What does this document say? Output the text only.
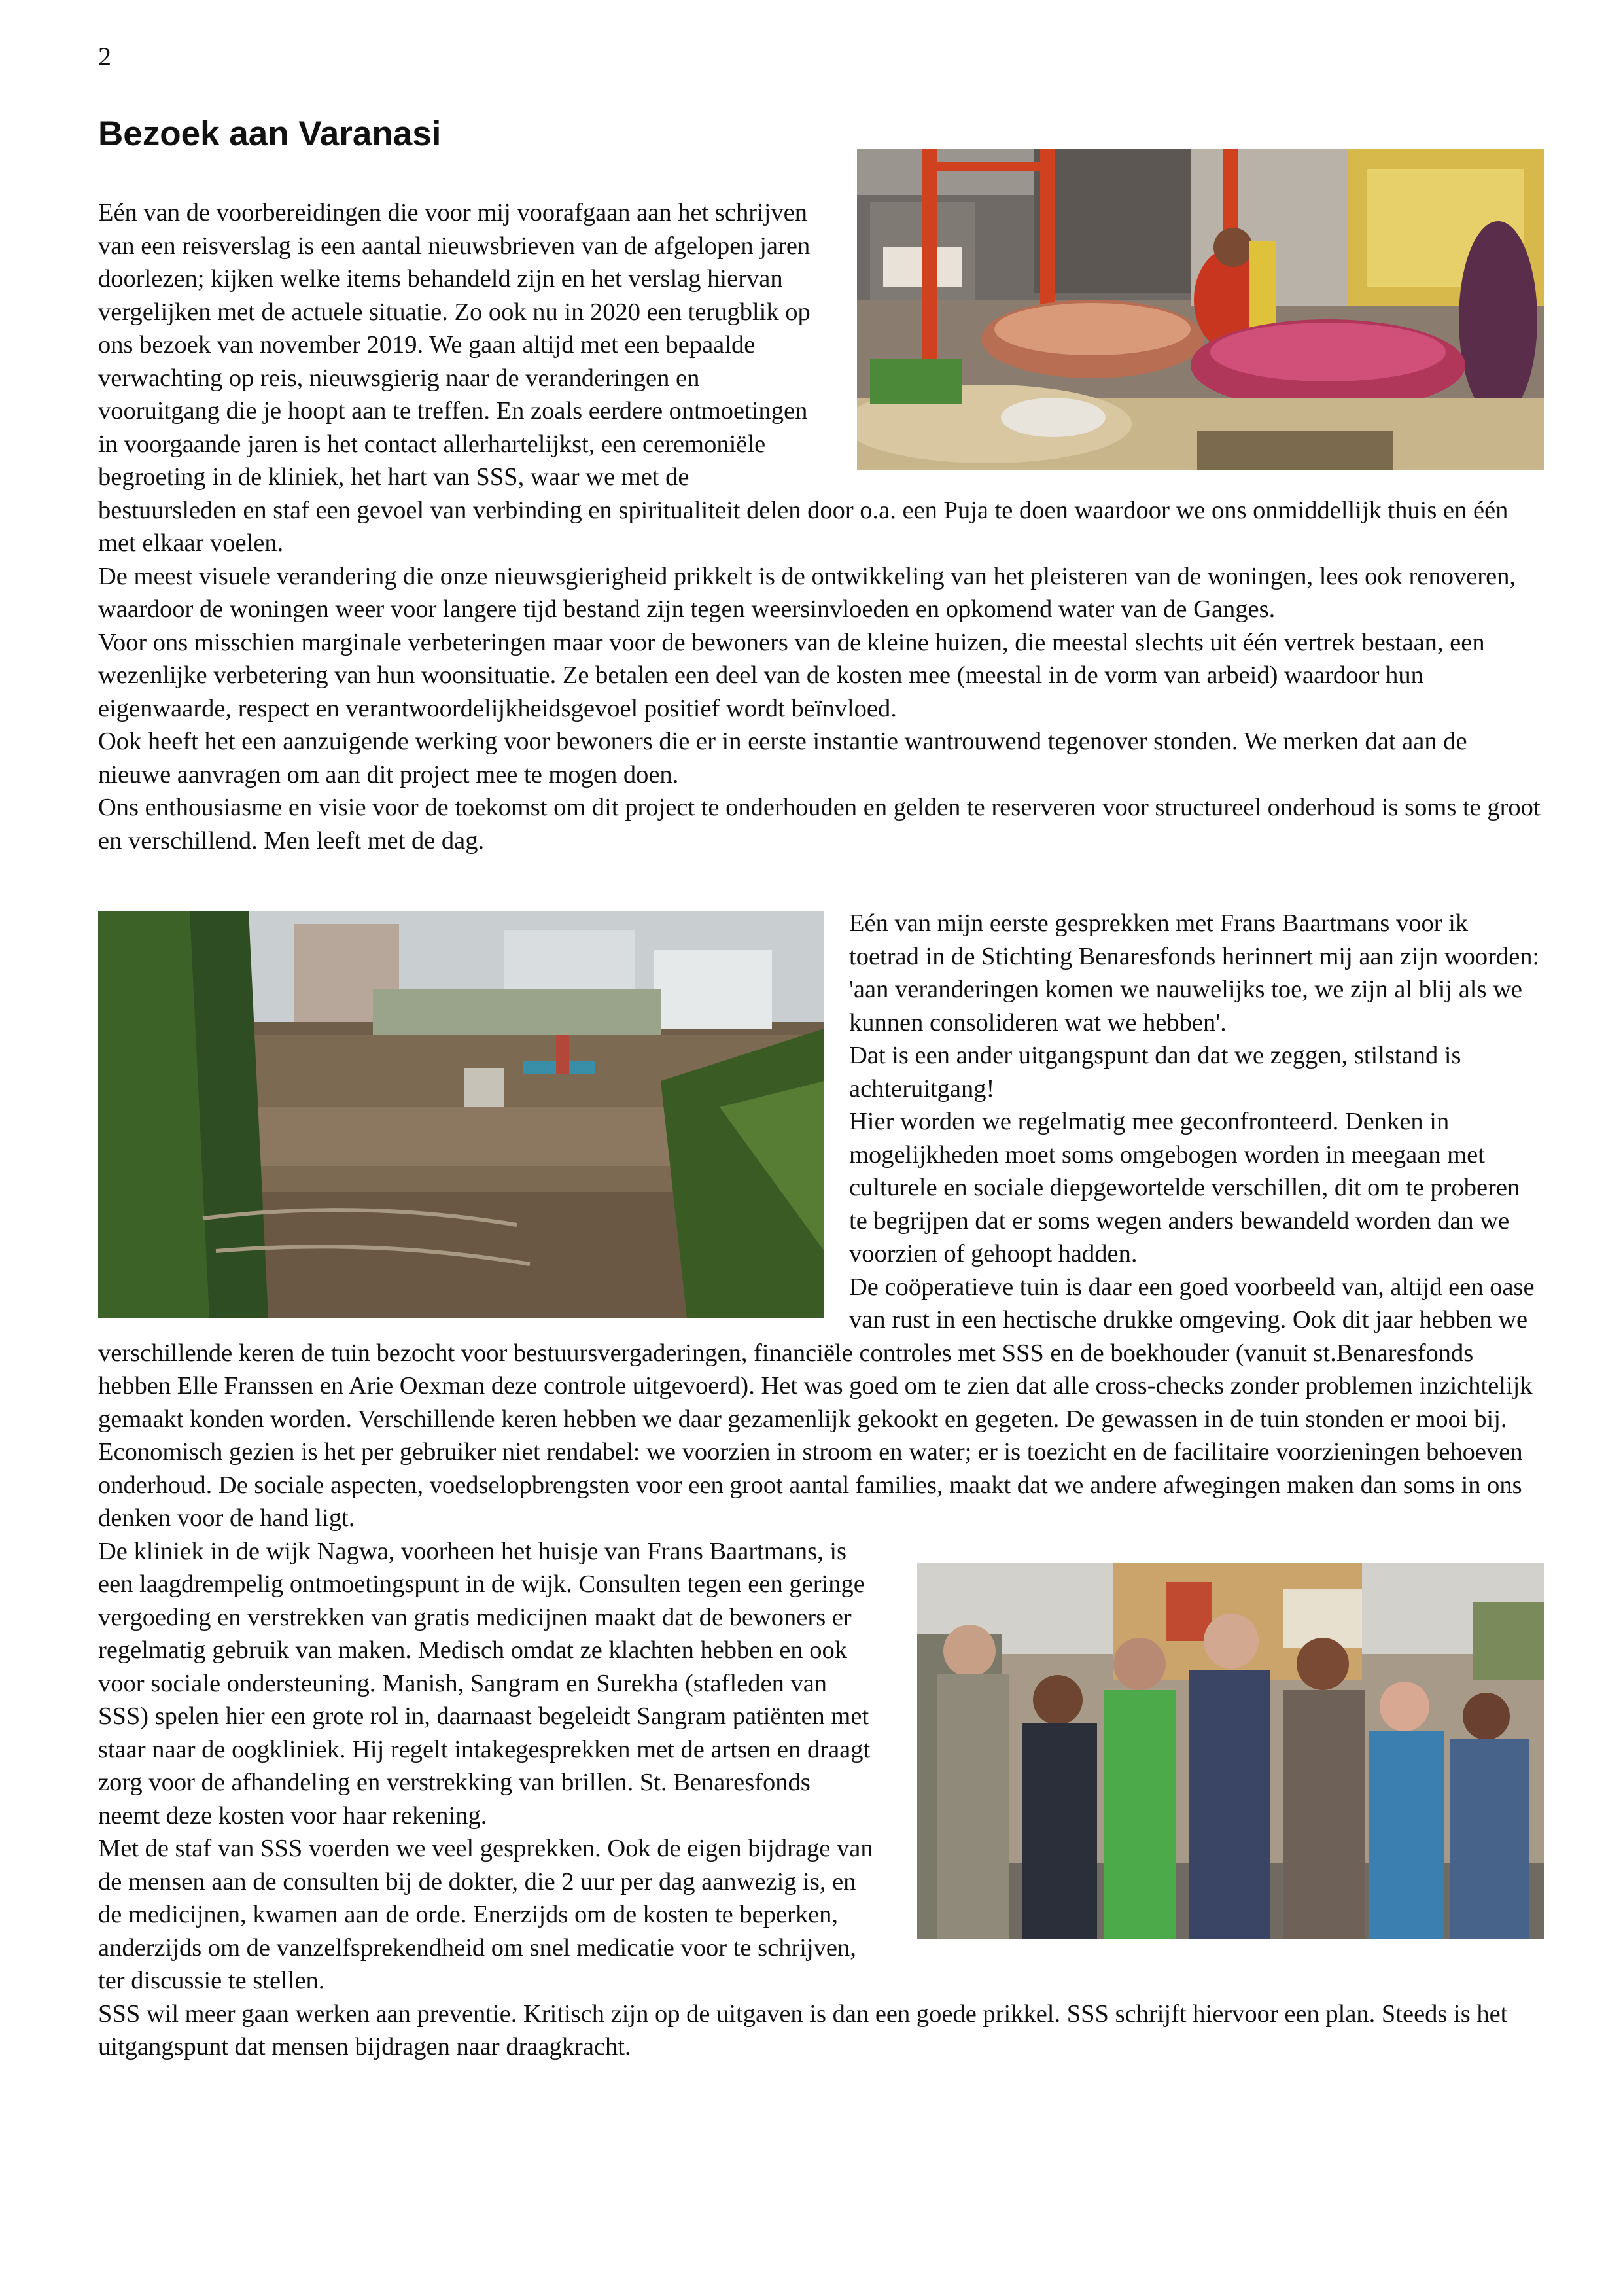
2
Bezoek aan Varanasi

Eén van de voorbereidingen die voor mij voorafgaan aan het schrijven van een reisverslag is een aantal nieuwsbrieven van de afgelopen jaren doorlezen; kijken welke items behandeld zijn en het verslag hiervan vergelijken met de actuele situatie. Zo ook nu in 2020 een terugblik op ons bezoek van november 2019. We gaan altijd met een bepaalde verwachting op reis, nieuwsgierig naar de veranderingen en vooruitgang die je hoopt aan te treffen. En zoals eerdere ontmoetingen in voorgaande jaren is het contact allerhartelijkst, een ceremoniële begroeting in de kliniek, het hart van SSS, waar we met de bestuursleden en staf een gevoel van verbinding en spiritualiteit delen door o.a. een Puja te doen waardoor we ons onmiddellijk thuis en één met elkaar voelen.

De meest visuele verandering die onze nieuwsgierigheid prikkelt is de ontwikkeling van het pleisteren van de woningen, lees ook renoveren, waardoor de woningen weer voor langere tijd bestand zijn tegen weersinvloeden en opkomend water van de Ganges.

Voor ons misschien marginale verbeteringen maar voor de bewoners van de kleine huizen, die meestal slechts uit één vertrek bestaan, een wezenlijke verbetering van hun woonsituatie. Ze betalen een deel van de kosten mee (meestal in de vorm van arbeid) waardoor hun eigenwaarde, respect en verantwoordelijkheidsgevoel positief wordt beïnvloed.

Ook heeft het een aanzuigende werking voor bewoners die er in eerste instantie wantrouwend tegenover stonden. We merken dat aan de nieuwe aanvragen om aan dit project mee te mogen doen.

Ons enthousiasme en visie voor de toekomst om dit project te onderhouden en gelden te reserveren voor structureel onderhoud is soms te groot en verschillend. Men leeft met de dag.

Eén van mijn eerste gesprekken met Frans Baartmans voor ik toetrad in de Stichting Benaresfonds herinnert mij aan zijn woorden: 'aan veranderingen komen we nauwelijks toe, we zijn al blij als we kunnen consolideren wat we hebben'.

Dat is een ander uitgangspunt dan dat we zeggen, stilstand is achteruitgang!

Hier worden we regelmatig mee geconfronteerd. Denken in mogelijkheden moet soms omgebogen worden in meegaan met culturele en sociale diepgewortelde verschillen, dit om te proberen te begrijpen dat er soms wegen anders bewandeld worden dan we voorzien of gehoopt hadden.

De coöperatieve tuin is daar een goed voorbeeld van, altijd een oase van rust in een hectische drukke omgeving. Ook dit jaar hebben we verschillende keren de tuin bezocht voor bestuursvergaderingen, financiële controles met SSS en de boekhouder (vanuit st.Benaresfonds hebben Elle Franssen en Arie Oexman deze controle uitgevoerd). Het was goed om te zien dat alle cross-checks zonder problemen inzichtelijk gemaakt konden worden. Verschillende keren hebben we daar gezamenlijk gekookt en gegeten. De gewassen in de tuin stonden er mooi bij. Economisch gezien is het per gebruiker niet rendabel: we voorzien in stroom en water; er is toezicht en de facilitaire voorzieningen behoeven onderhoud. De sociale aspecten, voedselopbrengsten voor een groot aantal families, maakt dat we andere afwegingen maken dan soms in ons denken voor de hand ligt.

De kliniek in de wijk Nagwa, voorheen het huisje van Frans Baartmans, is een laagdrempelig ontmoetingspunt in de wijk. Consulten tegen een geringe vergoeding en verstrekken van gratis medicijnen maakt dat de bewoners er regelmatig gebruik van maken. Medisch omdat ze klachten hebben en ook voor sociale ondersteuning. Manish, Sangram en Surekha (stafleden van SSS) spelen hier een grote rol in, daarnaast begeleidt Sangram patiënten met staar naar de oogkliniek. Hij regelt intakegesprekken met de artsen en draagt zorg voor de afhandeling en verstrekking van brillen. St. Benaresfonds neemt deze kosten voor haar rekening.

Met de staf van SSS voerden we veel gesprekken. Ook de eigen bijdrage van de mensen aan de consulten bij de dokter, die 2 uur per dag aanwezig is, en de medicijnen, kwamen aan de orde. Enerzijds om de kosten te beperken, anderzijds om de vanzelfsprekendheid om snel medicatie voor te schrijven, ter discussie te stellen.

SSS wil meer gaan werken aan preventie. Kritisch zijn op de uitgaven is dan een goede prikkel. SSS schrijft hiervoor een plan. Steeds is het uitgangspunt dat mensen bijdragen naar draagkracht.
